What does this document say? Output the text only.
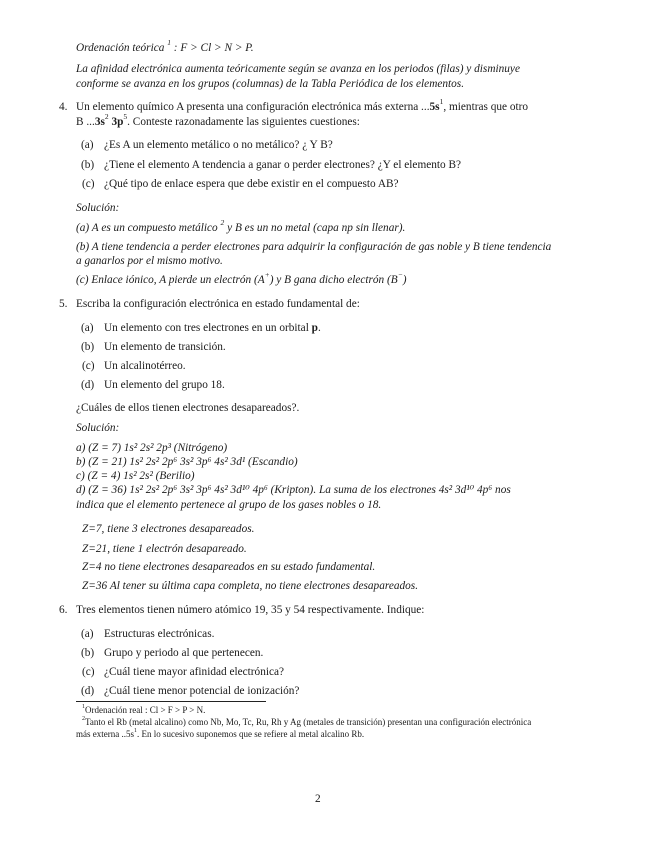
Ordenación teórica $^1$ : F > Cl > N > P.
La afinidad electrónica aumenta teóricamente según se avanza en los periodos (filas) y disminuye
conforme se avanza en los grupos (columnas) de la Tabla Periódica de los elementos.
4. Un elemento químico A presenta una configuración electrónica más externa $...5s^1$, mientras que otro
B $...3s^2$ $3p^5$. Conteste razonadamente las siguientes cuestiones:
(a) ¿Es A un elemento metálico o no metálico? ¿ Y B?
(b) ¿Tiene el elemento A tendencia a ganar o perder electrones? ¿Y el elemento B?
(c) ¿Qué tipo de enlace espera que debe existir en el compuesto AB?
Solución:
(a) A es un compuesto metálico $^2$ y B es un no metal (capa np sin llenar).
(b) A tiene tendencia a perder electrones para adquirir la configuración de gas noble y B tiene tendencia
a ganarlos por el mismo motivo.
(c) Enlace iónico, A pierde un electrón (A+) y B gana dicho electrón (B−)
5. Escriba la configuración electrónica en estado fundamental de:
(a) Un elemento con tres electrones en un orbital p.
(b) Un elemento de transición.
(c) Un alcalinotérreo.
(d) Un elemento del grupo 18.
¿Cuáles de ellos tienen electrones desapareados?.
Solución:
a) (Z = 7) 1s² 2s² 2p³ (Nitrógeno)
b) (Z = 21) 1s² 2s² 2p⁶ 3s² 3p⁶ 4s² 3d¹ (Escandio)
c) (Z = 4) 1s² 2s² (Berilio)
d) (Z = 36) 1s² 2s² 2p⁶ 3s² 3p⁶ 4s² 3d¹⁰ 4p⁶ (Kripton). La suma de los electrones 4s² 3d¹⁰ 4p⁶ nos
indica que el elemento pertenece al grupo de los gases nobles o 18.
Z=7, tiene 3 electrones desapareados.
Z=21, tiene 1 electrón desapareado.
Z=4 no tiene electrones desapareados en su estado fundamental.
Z=36 Al tener su última capa completa, no tiene electrones desapareados.
6. Tres elementos tienen número atómico 19, 35 y 54 respectivamente. Indique:
(a) Estructuras electrónicas.
(b) Grupo y periodo al que pertenecen.
(c) ¿Cuál tiene mayor afinidad electrónica?
(d) ¿Cuál tiene menor potencial de ionización?
$^1$Ordenación real : Cl > F > P > N.
$^2$Tanto el Rb (metal alcalino) como Nb, Mo, Tc, Ru, Rh y Ag (metales de transición) presentan una configuración electrónica
más externa $..5s^1$. En lo sucesivo suponemos que se refiere al metal alcalino Rb.
2
